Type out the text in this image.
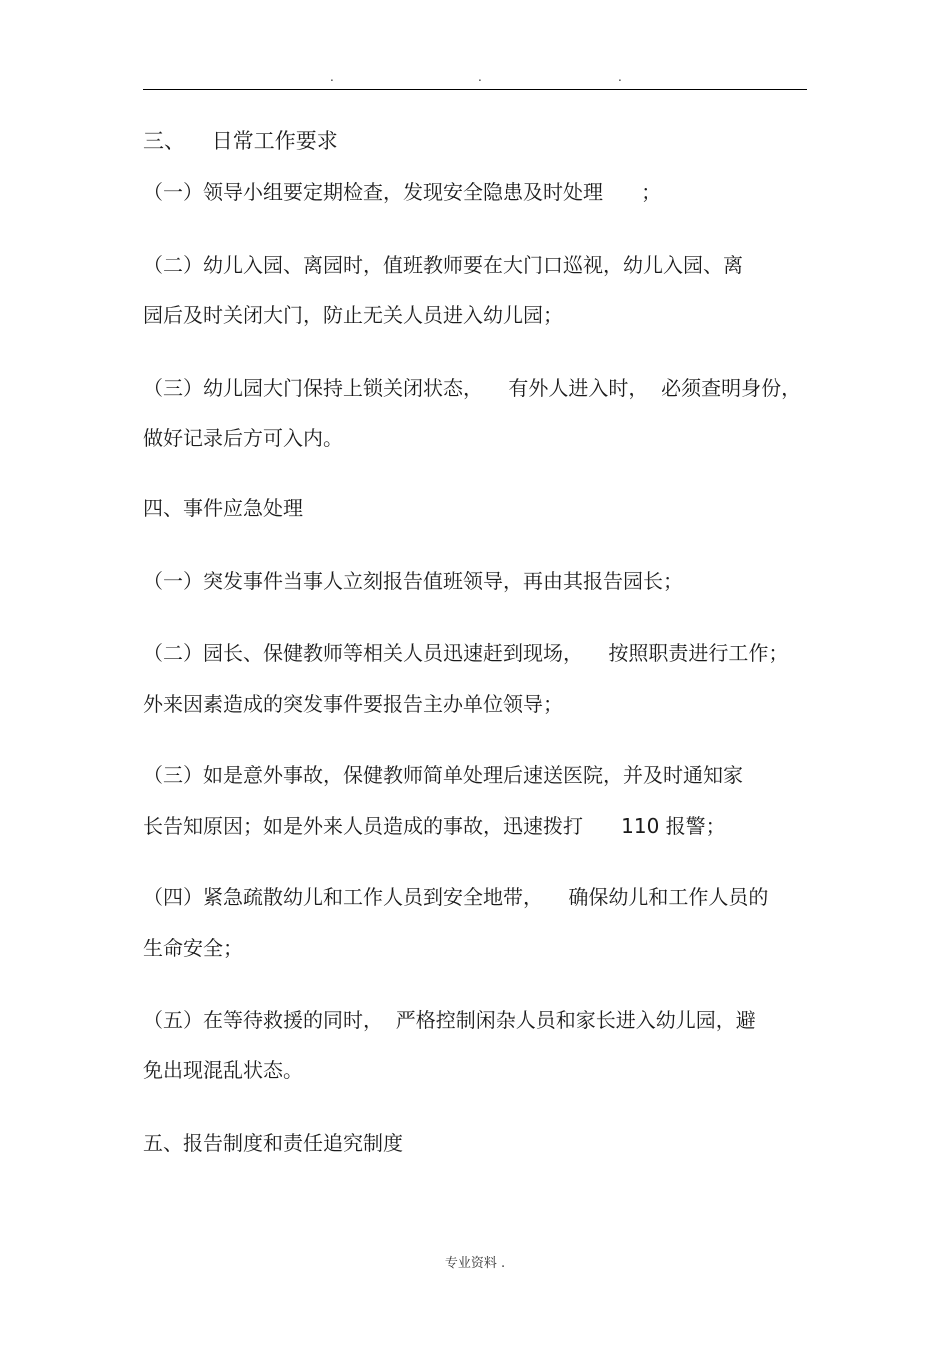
.	.	.
三、    日常工作要求
（一）领导小组要定期检查，发现安全隐患及时处理      ；
（二）幼儿入园、离园时，值班教师要在大门口巡视，幼儿入园、离
园后及时关闭大门，防止无关人员进入幼儿园；
（三）幼儿园大门保持上锁关闭状态，    有外人进入时，  必须查明身份，
做好记录后方可入内。
四、事件应急处理
（一）突发事件当事人立刻报告值班领导，再由其报告园长；
（二）园长、保健教师等相关人员迅速赶到现场，    按照职责进行工作；
外来因素造成的突发事件要报告主办单位领导；
（三）如是意外事故，保健教师简单处理后速送医院，并及时通知家
长告知原因；如是外来人员造成的事故，迅速拨打      110 报警；
（四）紧急疏散幼儿和工作人员到安全地带，    确保幼儿和工作人员的
生命安全；
（五）在等待救援的同时，  严格控制闲杂人员和家长进入幼儿园，避
免出现混乱状态。
五、报告制度和责任追究制度
专业资料 .
